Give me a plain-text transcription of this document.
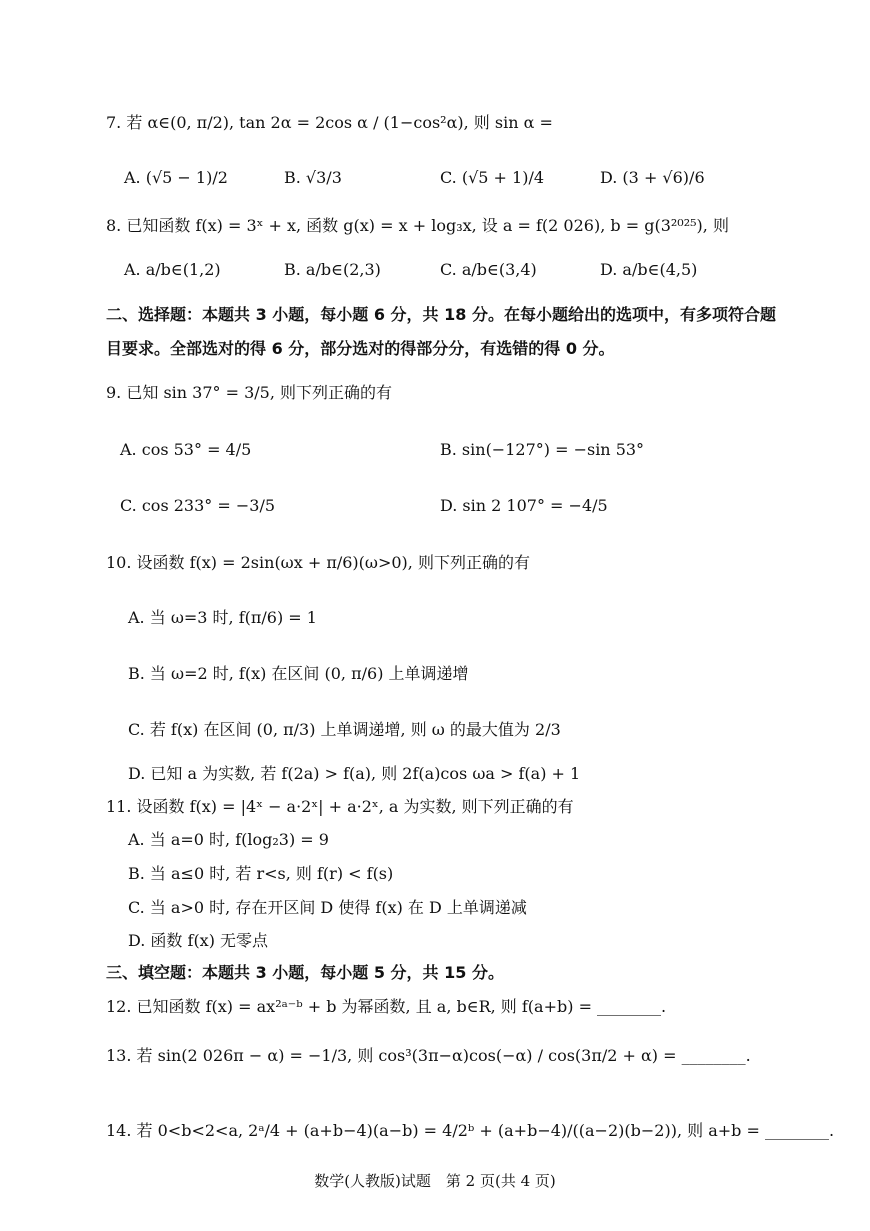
7. 若 α∈(0, π/2), tan 2α = 2cos α / (1−cos²α), 则 sin α =
A. (√5 − 1)/2	B. √3/3	C. (√5 + 1)/4	D. (3 + √6)/6
8. 已知函数 f(x) = 3ˣ + x, 函数 g(x) = x + log₃x, 设 a = f(2 026), b = g(3²⁰²⁵), 则
A. a/b∈(1,2)	B. a/b∈(2,3)	C. a/b∈(3,4)	D. a/b∈(4,5)
二、选择题：本题共 3 小题，每小题 6 分，共 18 分。在每小题给出的选项中，有多项符合题
目要求。全部选对的得 6 分，部分选对的得部分分，有选错的得 0 分。
9. 已知 sin 37° = 3/5, 则下列正确的有
A. cos 53° = 4/5	B. sin(−127°) = −sin 53°
C. cos 233° = −3/5	D. sin 2 107° = −4/5
10. 设函数 f(x) = 2sin(ωx + π/6)(ω>0), 则下列正确的有
A. 当 ω=3 时, f(π/6) = 1
B. 当 ω=2 时, f(x) 在区间 (0, π/6) 上单调递增
C. 若 f(x) 在区间 (0, π/3) 上单调递增, 则 ω 的最大值为 2/3
D. 已知 a 为实数, 若 f(2a) > f(a), 则 2f(a)cos ωa > f(a) + 1
11. 设函数 f(x) = |4ˣ − a·2ˣ| + a·2ˣ, a 为实数, 则下列正确的有
A. 当 a=0 时, f(log₂3) = 9
B. 当 a≤0 时, 若 r<s, 则 f(r) < f(s)
C. 当 a>0 时, 存在开区间 D 使得 f(x) 在 D 上单调递减
D. 函数 f(x) 无零点
三、填空题：本题共 3 小题，每小题 5 分，共 15 分。
12. 已知函数 f(x) = ax²ᵃ⁻ᵇ + b 为幂函数, 且 a, b∈R, 则 f(a+b) = ________.
13. 若 sin(2 026π − α) = −1/3, 则 cos³(3π−α)cos(−α) / cos(3π/2 + α) = ________.
14. 若 0<b<2<a, 2ᵃ/4 + (a+b−4)(a−b) = 4/2ᵇ + (a+b−4)/((a−2)(b−2)), 则 a+b = ________.
数学(人教版)试题　第 2 页(共 4 页)
